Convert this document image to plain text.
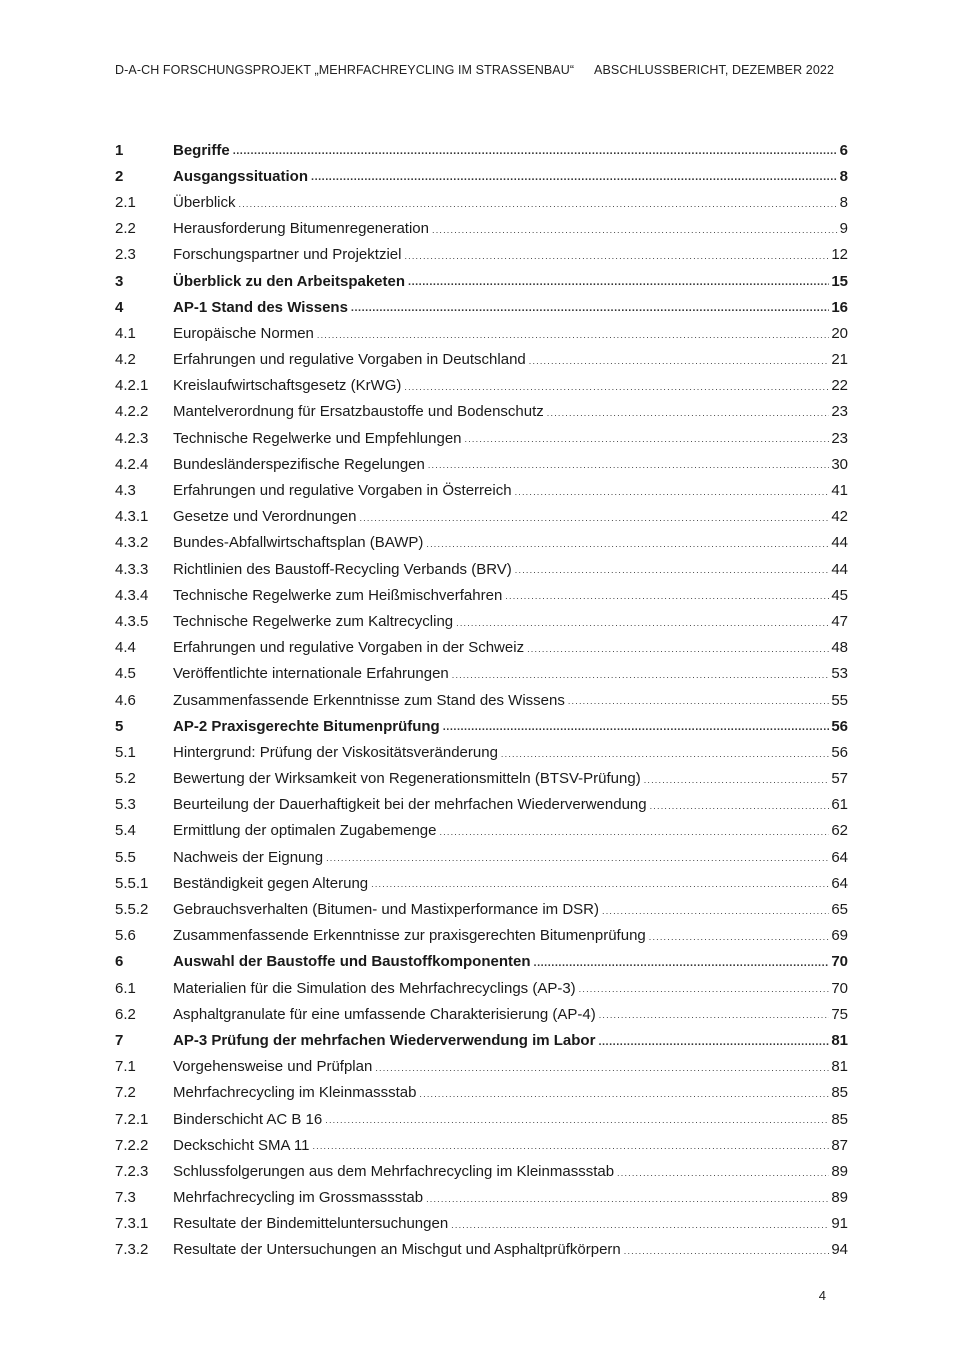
D-A-CH FORSCHUNGSPROJEKT „MEHRFACHREYCLING IM STRASSENBAU“ ABSCHLUSSBERICHT, DEZEMBER 2022
1	Begriffe .....	6
2	Ausgangssituation .....	8
2.1	Überblick .....	8
2.2	Herausforderung Bitumenregeneration .....	9
2.3	Forschungspartner und Projektziel .....	12
3	Überblick zu den Arbeitspaketen .....	15
4	AP-1 Stand des Wissens .....	16
4.1	Europäische Normen .....	20
4.2	Erfahrungen und regulative Vorgaben in Deutschland .....	21
4.2.1	Kreislaufwirtschaftsgesetz (KrWG) .....	22
4.2.2	Mantelverordnung für Ersatzbaustoffe und Bodenschutz .....	23
4.2.3	Technische Regelwerke und Empfehlungen .....	23
4.2.4	Bundesländerspezifische Regelungen .....	30
4.3	Erfahrungen und regulative Vorgaben in Österreich .....	41
4.3.1	Gesetze und Verordnungen .....	42
4.3.2	Bundes-Abfallwirtschaftsplan (BAWP) .....	44
4.3.3	Richtlinien des Baustoff-Recycling Verbands (BRV) .....	44
4.3.4	Technische Regelwerke zum Heißmischverfahren .....	45
4.3.5	Technische Regelwerke zum Kaltrecycling .....	47
4.4	Erfahrungen und regulative Vorgaben in der Schweiz .....	48
4.5	Veröffentlichte internationale Erfahrungen .....	53
4.6	Zusammenfassende Erkenntnisse zum Stand des Wissens .....	55
5	AP-2 Praxisgerechte Bitumenprüfung .....	56
5.1	Hintergrund: Prüfung der Viskositätsveränderung .....	56
5.2	Bewertung der Wirksamkeit von Regenerationsmitteln (BTSV-Prüfung) .....	57
5.3	Beurteilung der Dauerhaftigkeit bei der mehrfachen Wiederverwendung .....	61
5.4	Ermittlung der optimalen Zugabemenge .....	62
5.5	Nachweis der Eignung .....	64
5.5.1	Beständigkeit gegen Alterung .....	64
5.5.2	Gebrauchsverhalten (Bitumen- und Mastixperformance im DSR) .....	65
5.6	Zusammenfassende Erkenntnisse zur praxisgerechten Bitumenprüfung .....	69
6	Auswahl der Baustoffe und Baustoffkomponenten .....	70
6.1	Materialien für die Simulation des Mehrfachrecyclings (AP-3) .....	70
6.2	Asphaltgranulate für eine umfassende Charakterisierung (AP-4) .....	75
7	AP-3 Prüfung der mehrfachen Wiederverwendung im Labor .....	81
7.1	Vorgehensweise und Prüfplan .....	81
7.2	Mehrfachrecycling im Kleinmassstab .....	85
7.2.1	Binderschicht AC B 16 .....	85
7.2.2	Deckschicht SMA 11 .....	87
7.2.3	Schlussfolgerungen aus dem Mehrfachrecycling im Kleinmassstab .....	89
7.3	Mehrfachrecycling im Grossmassstab .....	89
7.3.1	Resultate der Bindemitteluntersuchungen .....	91
7.3.2	Resultate der Untersuchungen an Mischgut und Asphaltprüfkörpern .....	94
4
